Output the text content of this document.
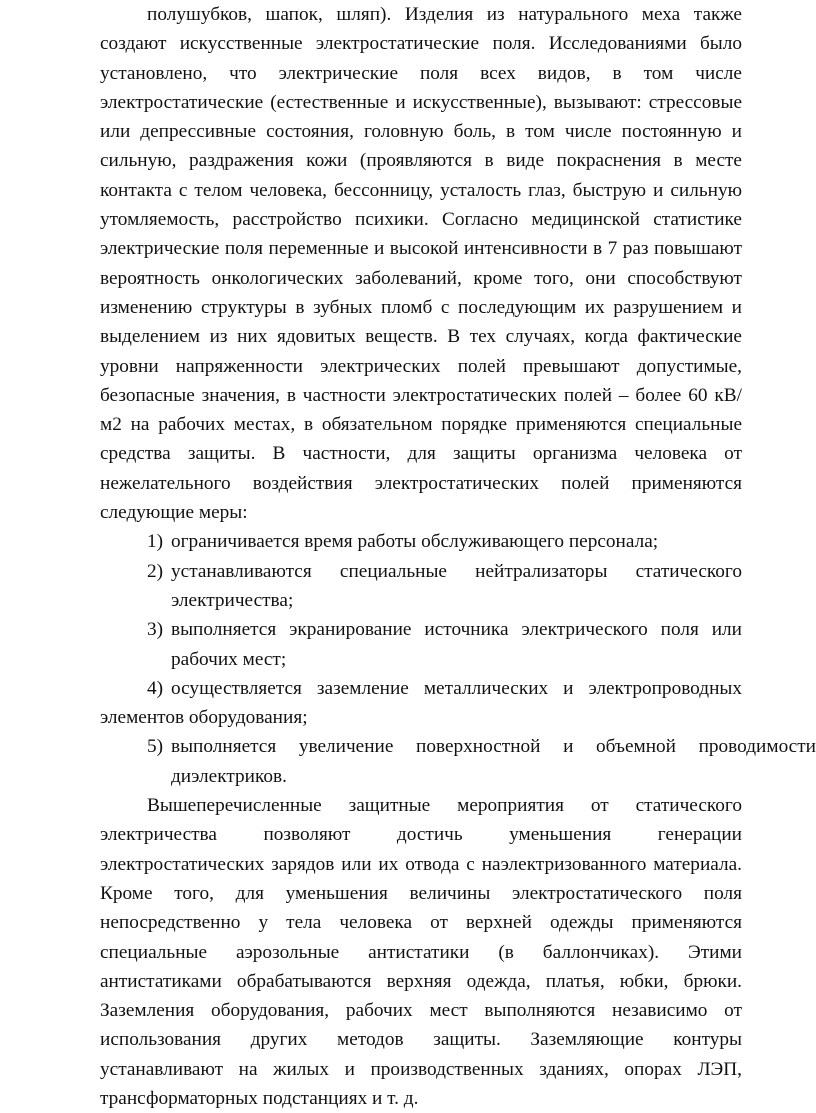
полушубков, шапок, шляп). Изделия из натурального меха также создают искусственные электростатические поля. Исследованиями было установлено, что электрические поля всех видов, в том числе электростатические (естественные и искусственные), вызывают: стрессовые или депрессивные состояния, головную боль, в том числе постоянную и сильную, раздражения кожи (проявляются в виде покраснения в месте контакта с телом человека, бессонницу, усталость глаз, быструю и сильную утомляемость, расстройство психики. Согласно медицинской статистике электрические поля переменные и высокой интенсивности в 7 раз повышают вероятность онкологических заболеваний, кроме того, они способствуют изменению структуры в зубных пломб с последующим их разрушением и выделением из них ядовитых веществ. В тех случаях, когда фактические уровни напряженности электрических полей превышают допустимые, безопасные значения, в частности электростатических полей – более 60 кВ/м2 на рабочих местах, в обязательном порядке применяются специальные средства защиты. В частности, для защиты организма человека от нежелательного воздействия электростатических полей применяются следующие меры:

1) ограничивается время работы обслуживающего персонала;
2) устанавливаются специальные нейтрализаторы статического электричества;
3) выполняется экранирование источника электрического поля или рабочих мест;
4) осуществляется заземление металлических и электропроводных элементов оборудования;
5) выполняется увеличение поверхностной и объемной проводимости диэлектриков.

Вышеперечисленные защитные мероприятия от статического электричества позволяют достичь уменьшения генерации электростатических зарядов или их отвода с наэлектризованного материала. Кроме того, для уменьшения величины электростатического поля непосредственно у тела человека от верхней одежды применяются специальные аэрозольные антистатики (в баллончиках). Этими антистатиками обрабатываются верхняя одежда, платья, юбки, брюки. Заземления оборудования, рабочих мест выполняются независимо от использования других методов защиты. Заземляющие контуры устанавливают на жилых и производственных зданиях, опорах ЛЭП, трансформаторных подстанциях и т. д.
